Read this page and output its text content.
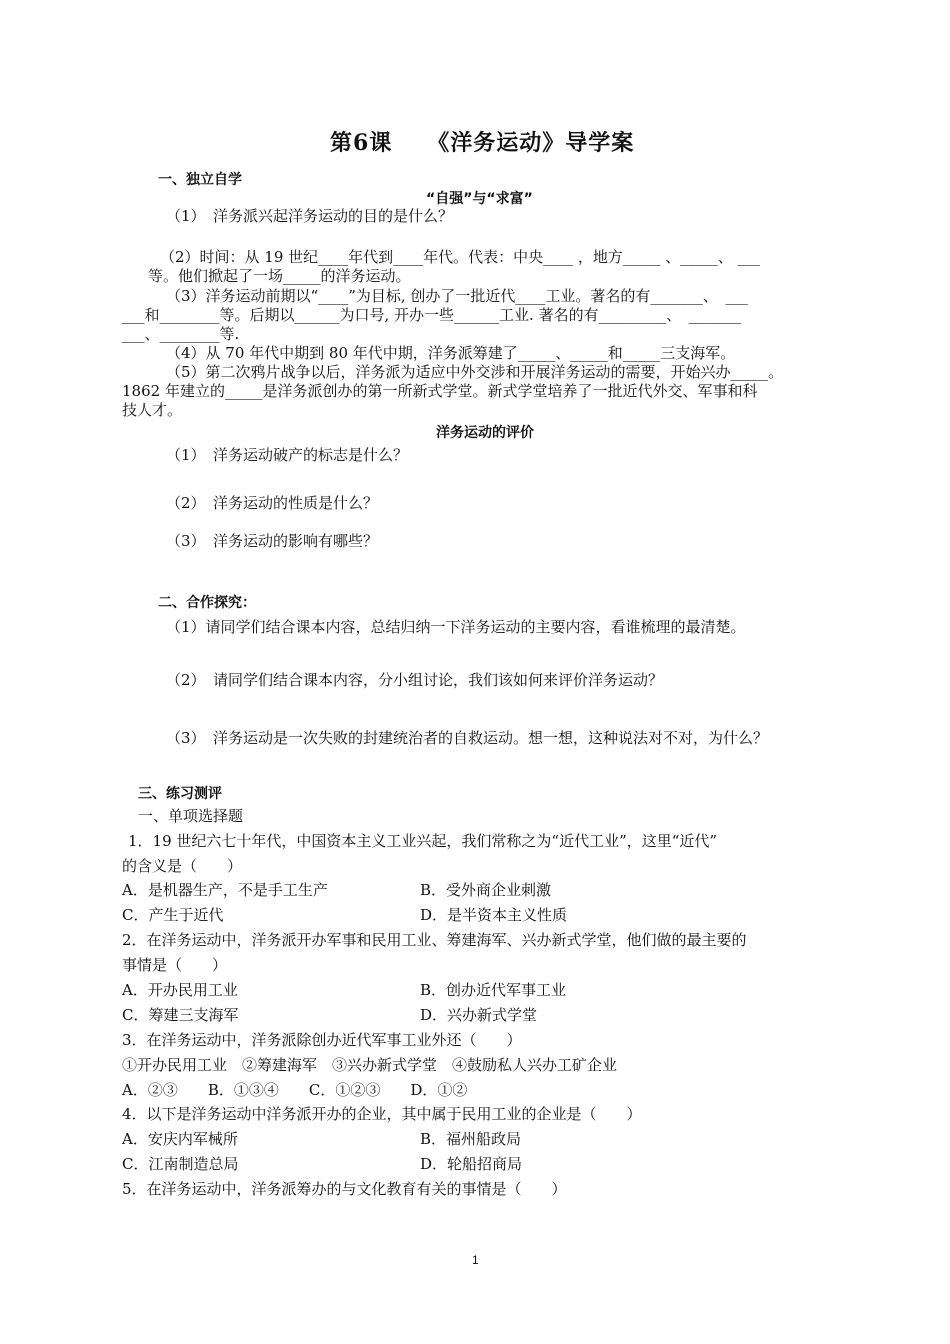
第6课　　《洋务运动》导学案
一、独立自学
“自强”与“求富”
（1）　洋务派兴起洋务运动的目的是什么？
（2）时间：从 19 世纪____年代到____年代。代表：中央____ ，地方_____ 、_____、 ___
等。他们掀起了一场_____的洋务运动。
（3）洋务运动前期以“____”为目标, 创办了一批近代____工业。著名的有_______、　___
___和________等。后期以______为口号, 开办一些______工业. 著名的有_________、　_______
___、________等.
（4）从 70 年代中期到 80 年代中期，洋务派筹建了_____、_____和_____三支海军。
（5）第二次鸦片战争以后，洋务派为适应中外交涉和开展洋务运动的需要，开始兴办_____。
1862 年建立的_____是洋务派创办的第一所新式学堂。新式学堂培养了一批近代外交、军事和科
技人才。
洋务运动的评价
（1）　洋务运动破产的标志是什么？
（2）　洋务运动的性质是什么？
（3）　洋务运动的影响有哪些？
二、合作探究：
（1）请同学们结合课本内容，总结归纳一下洋务运动的主要内容，看谁梳理的最清楚。
（2）　请同学们结合课本内容，分小组讨论，我们该如何来评价洋务运动？
（3）　洋务运动是一次失败的封建统治者的自救运动。想一想，这种说法对不对，为什么？
三、练习测评
一、单项选择题
1．19 世纪六七十年代，中国资本主义工业兴起，我们常称之为“近代工业”，这里“近代”
的含义是（　　）
A．是机器生产，不是手工生产	B．受外商企业刺激
C．产生于近代	D．是半资本主义性质
2．在洋务运动中，洋务派开办军事和民用工业、筹建海军、兴办新式学堂，他们做的最主要的
事情是（　　）
A．开办民用工业	B．创办近代军事工业
C．筹建三支海军	D．兴办新式学堂
3．在洋务运动中，洋务派除创办近代军事工业外还（　　）
①开办民用工业　②筹建海军　③兴办新式学堂　④鼓励私人兴办工矿企业
A．②③　　B．①③④　　C．①②③　　D．①②
4．以下是洋务运动中洋务派开办的企业，其中属于民用工业的企业是（　　）
A．安庆内军械所	B．福州船政局
C．江南制造总局	D．轮船招商局
5．在洋务运动中，洋务派筹办的与文化教育有关的事情是（　　）
1
